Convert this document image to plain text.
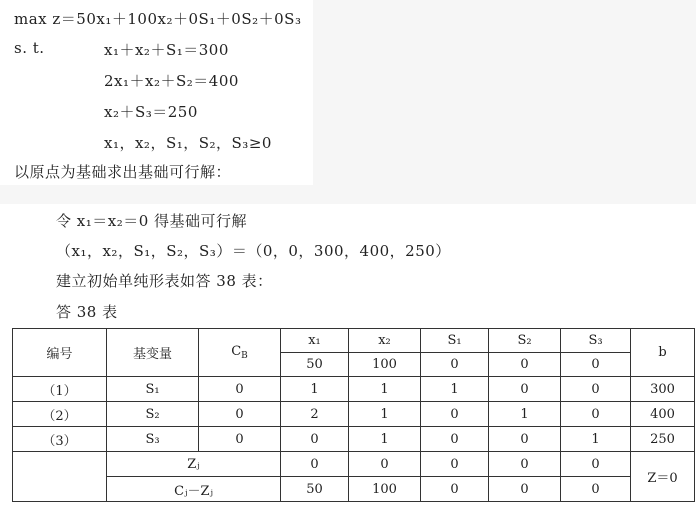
max z＝50x₁＋100x₂＋0S₁＋0S₂＋0S₃
s. t.	x₁＋x₂＋S₁＝300
2x₁＋x₂＋S₂＝400
x₂＋S₃＝250
x₁，x₂，S₁，S₂，S₃≥0
以原点为基础求出基础可行解：
令 x₁＝x₂＝0 得基础可行解
（x₁，x₂，S₁，S₂，S₃）＝（0，0，300，400，250）
建立初始单纯形表如答 38 表：
答 38 表
编号	基变量	$C_B$	x₁	x₂	S₁	S₂	S₃	b
			50	100	0	0	0	
（1）	S₁	0	1	1	1	0	0	300
（2）	S₂	0	2	1	0	1	0	400
（3）	S₃	0	0	1	0	0	1	250
	Zⱼ		0	0	0	0	0	Z＝0
	Cⱼ－Zⱼ		50	100	0	0	0	
